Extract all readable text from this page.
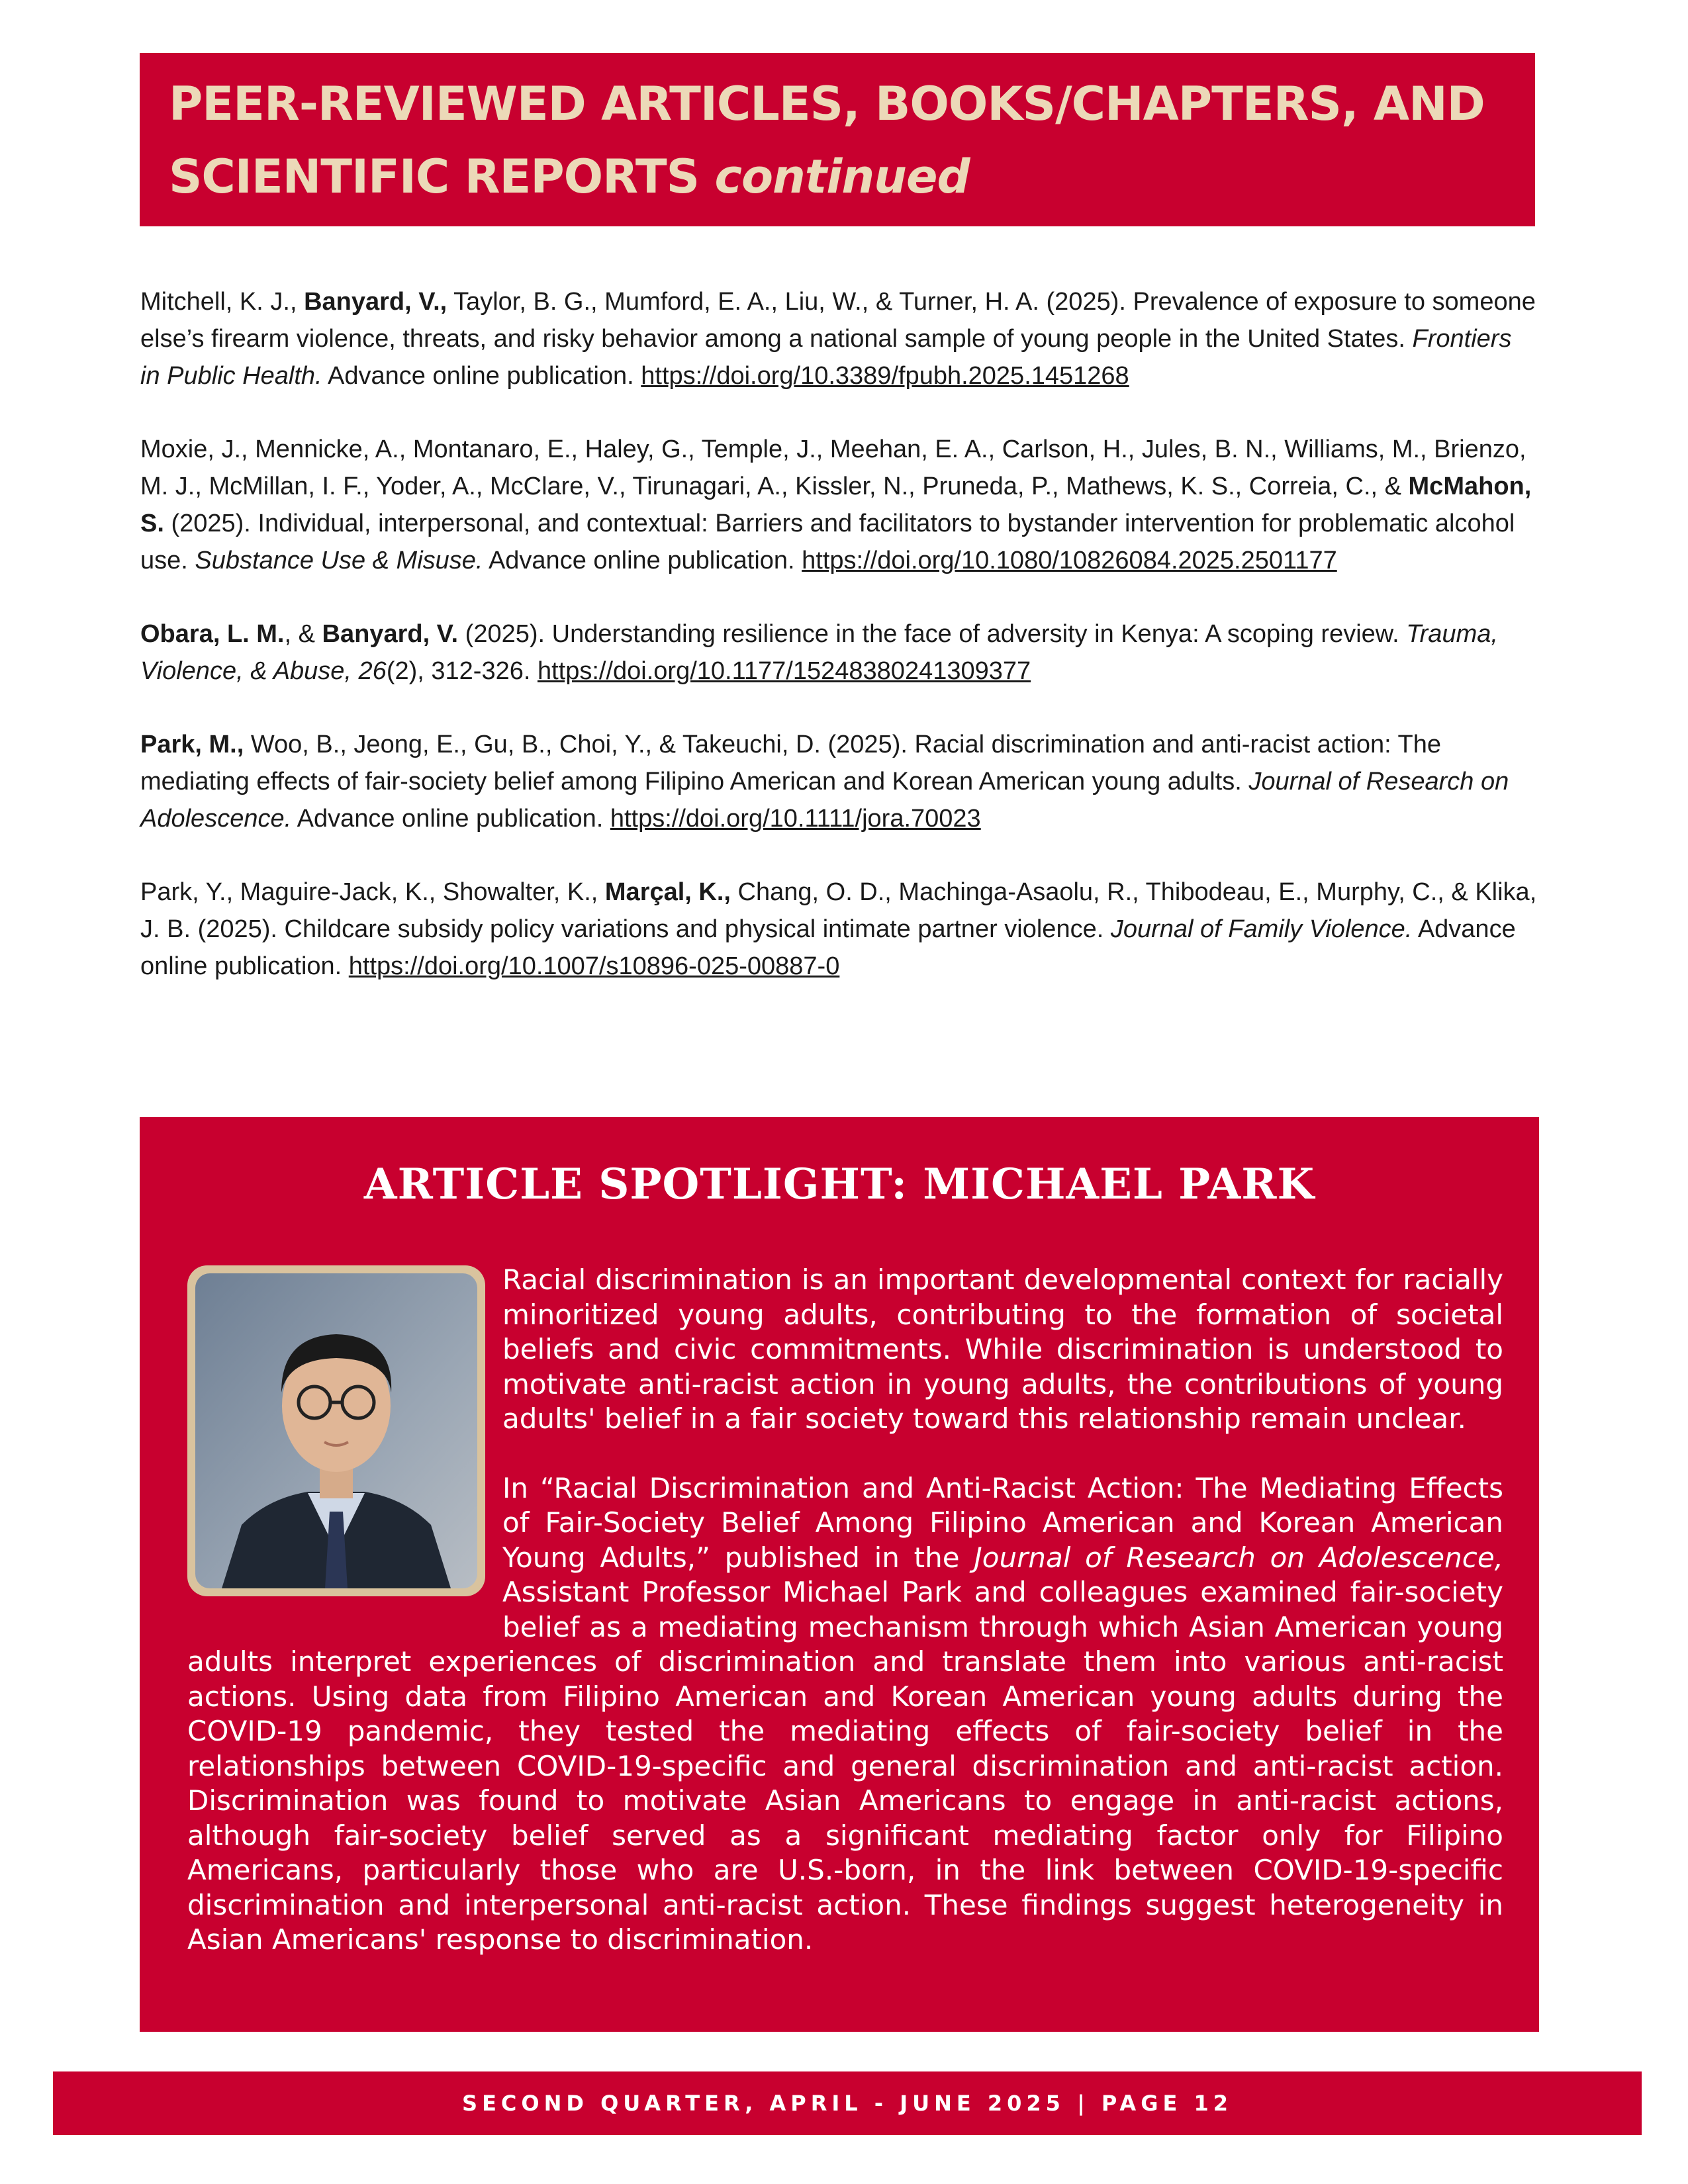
PEER-REVIEWED ARTICLES, BOOKS/CHAPTERS, AND
SCIENTIFIC REPORTS continued
Mitchell, K. J., Banyard, V., Taylor, B. G., Mumford, E. A., Liu, W., & Turner, H. A. (2025). Prevalence of exposure to someone else’s firearm violence, threats, and risky behavior among a national sample of young people in the United States. Frontiers in Public Health. Advance online publication. https://doi.org/10.3389/fpubh.2025.1451268
Moxie, J., Mennicke, A., Montanaro, E., Haley, G., Temple, J., Meehan, E. A., Carlson, H., Jules, B. N., Williams, M., Brienzo, M. J., McMillan, I. F., Yoder, A., McClare, V., Tirunagari, A., Kissler, N., Pruneda, P., Mathews, K. S., Correia, C., & McMahon, S. (2025). Individual, interpersonal, and contextual: Barriers and facilitators to bystander intervention for problematic alcohol use. Substance Use & Misuse. Advance online publication. https://doi.org/10.1080/10826084.2025.2501177
Obara, L. M., & Banyard, V. (2025). Understanding resilience in the face of adversity in Kenya: A scoping review. Trauma, Violence, & Abuse, 26(2), 312-326. https://doi.org/10.1177/15248380241309377
Park, M., Woo, B., Jeong, E., Gu, B., Choi, Y., & Takeuchi, D. (2025). Racial discrimination and anti-racist action: The mediating effects of fair-society belief among Filipino American and Korean American young adults. Journal of Research on Adolescence. Advance online publication. https://doi.org/10.1111/jora.70023
Park, Y., Maguire-Jack, K., Showalter, K., Marçal, K., Chang, O. D., Machinga-Asaolu, R., Thibodeau, E., Murphy, C., & Klika, J. B. (2025). Childcare subsidy policy variations and physical intimate partner violence. Journal of Family Violence. Advance online publication. https://doi.org/10.1007/s10896-025-00887-0
ARTICLE SPOTLIGHT: MICHAEL PARK

Racial discrimination is an important developmental context for racially minoritized young adults, contributing to the formation of societal beliefs and civic commitments. While discrimination is understood to motivate anti-racist action in young adults, the contributions of young adults' belief in a fair society toward this relationship remain unclear.

In “Racial Discrimination and Anti-Racist Action: The Mediating Effects of Fair-Society Belief Among Filipino American and Korean American Young Adults,” published in the Journal of Research on Adolescence, Assistant Professor Michael Park and colleagues examined fair-society belief as a mediating mechanism through which Asian American young adults interpret experiences of discrimination and translate them into various anti-racist actions. Using data from Filipino American and Korean American young adults during the COVID-19 pandemic, they tested the mediating effects of fair-society belief in the relationships between COVID-19-specific and general discrimination and anti-racist action. Discrimination was found to motivate Asian Americans to engage in anti-racist actions, although fair-society belief served as a significant mediating factor only for Filipino Americans, particularly those who are U.S.-born, in the link between COVID-19-specific discrimination and interpersonal anti-racist action. These findings suggest heterogeneity in Asian Americans' response to discrimination.

SECOND QUARTER, APRIL - JUNE 2025 | PAGE 12
